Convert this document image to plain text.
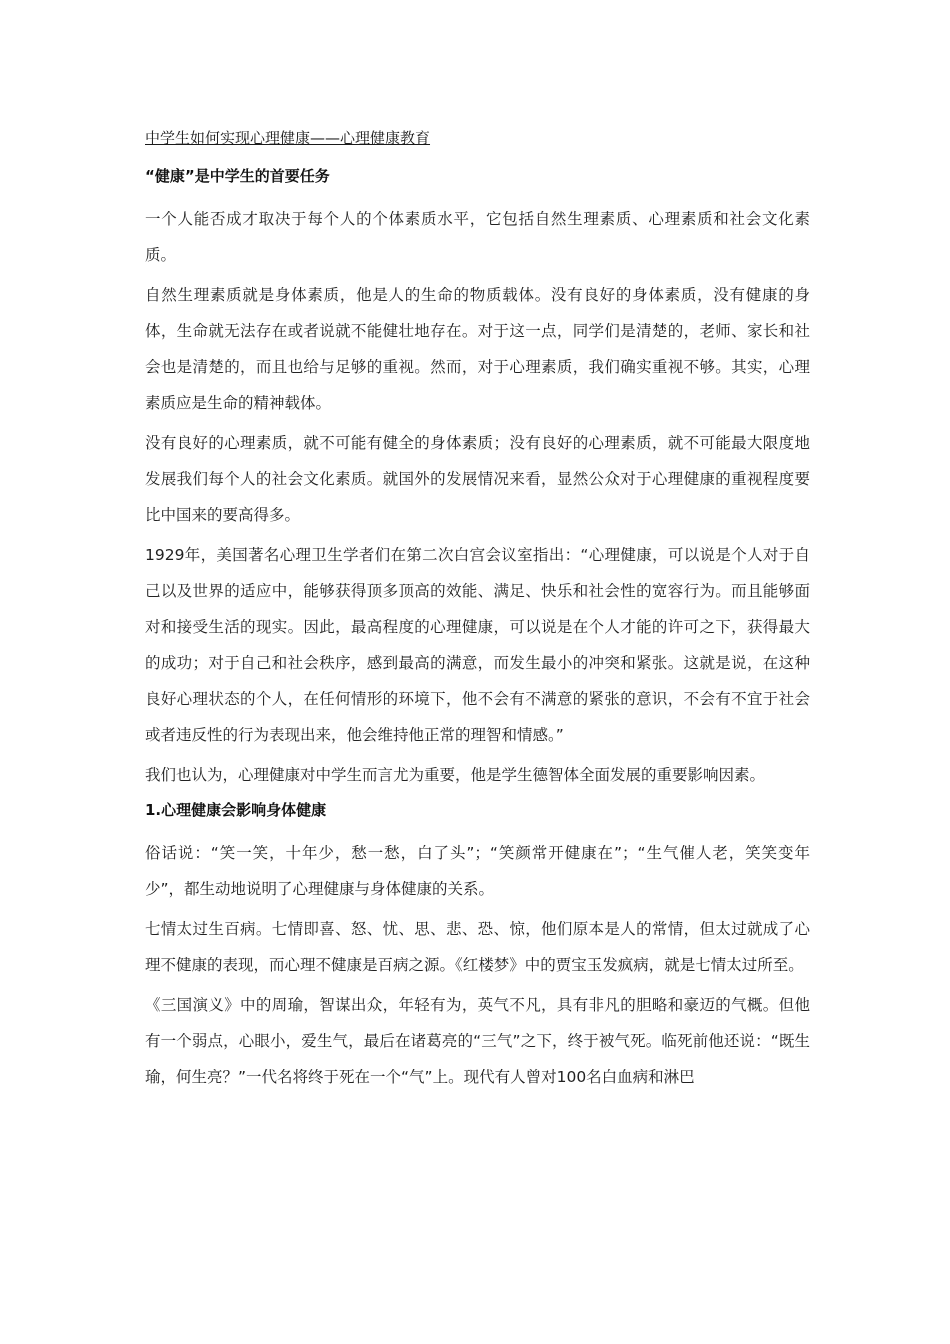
中学生如何实现心理健康——心理健康教育
“健康”是中学生的首要任务

一个人能否成才取决于每个人的个体素质水平，它包括自然生理素质、心理素质和社会文化素质。

自然生理素质就是身体素质，他是人的生命的物质载体。没有良好的身体素质，没有健康的身体，生命就无法存在或者说就不能健壮地存在。对于这一点，同学们是清楚的，老师、家长和社会也是清楚的，而且也给与足够的重视。然而，对于心理素质，我们确实重视不够。其实，心理素质应是生命的精神载体。

没有良好的心理素质，就不可能有健全的身体素质；没有良好的心理素质，就不可能最大限度地发展我们每个人的社会文化素质。就国外的发展情况来看，显然公众对于心理健康的重视程度要比中国来的要高得多。

1929年，美国著名心理卫生学者们在第二次白宫会议室指出：“心理健康，可以说是个人对于自己以及世界的适应中，能够获得顶多顶高的效能、满足、快乐和社会性的宽容行为。而且能够面对和接受生活的现实。因此，最高程度的心理健康，可以说是在个人才能的许可之下，获得最大的成功；对于自己和社会秩序，感到最高的满意，而发生最小的冲突和紧张。这就是说，在这种良好心理状态的个人，在任何情形的环境下，他不会有不满意的紧张的意识，不会有不宜于社会或者违反性的行为表现出来，他会维持他正常的理智和情感。”

我们也认为，心理健康对中学生而言尤为重要，他是学生德智体全面发展的重要影响因素。

1.心理健康会影响身体健康

俗话说：“笑一笑，十年少，愁一愁，白了头”；“笑颜常开健康在”；“生气催人老，笑笑变年少”，都生动地说明了心理健康与身体健康的关系。

七情太过生百病。七情即喜、怒、忧、思、悲、恐、惊，他们原本是人的常情，但太过就成了心理不健康的表现，而心理不健康是百病之源。《红楼梦》中的贾宝玉发疯病，就是七情太过所至。

《三国演义》中的周瑜，智谋出众，年轻有为，英气不凡，具有非凡的胆略和豪迈的气概。但他有一个弱点，心眼小，爱生气，最后在诸葛亮的“三气”之下，终于被气死。临死前他还说：“既生瑜，何生亮？”一代名将终于死在一个“气”上。现代有人曾对100名白血病和淋巴
